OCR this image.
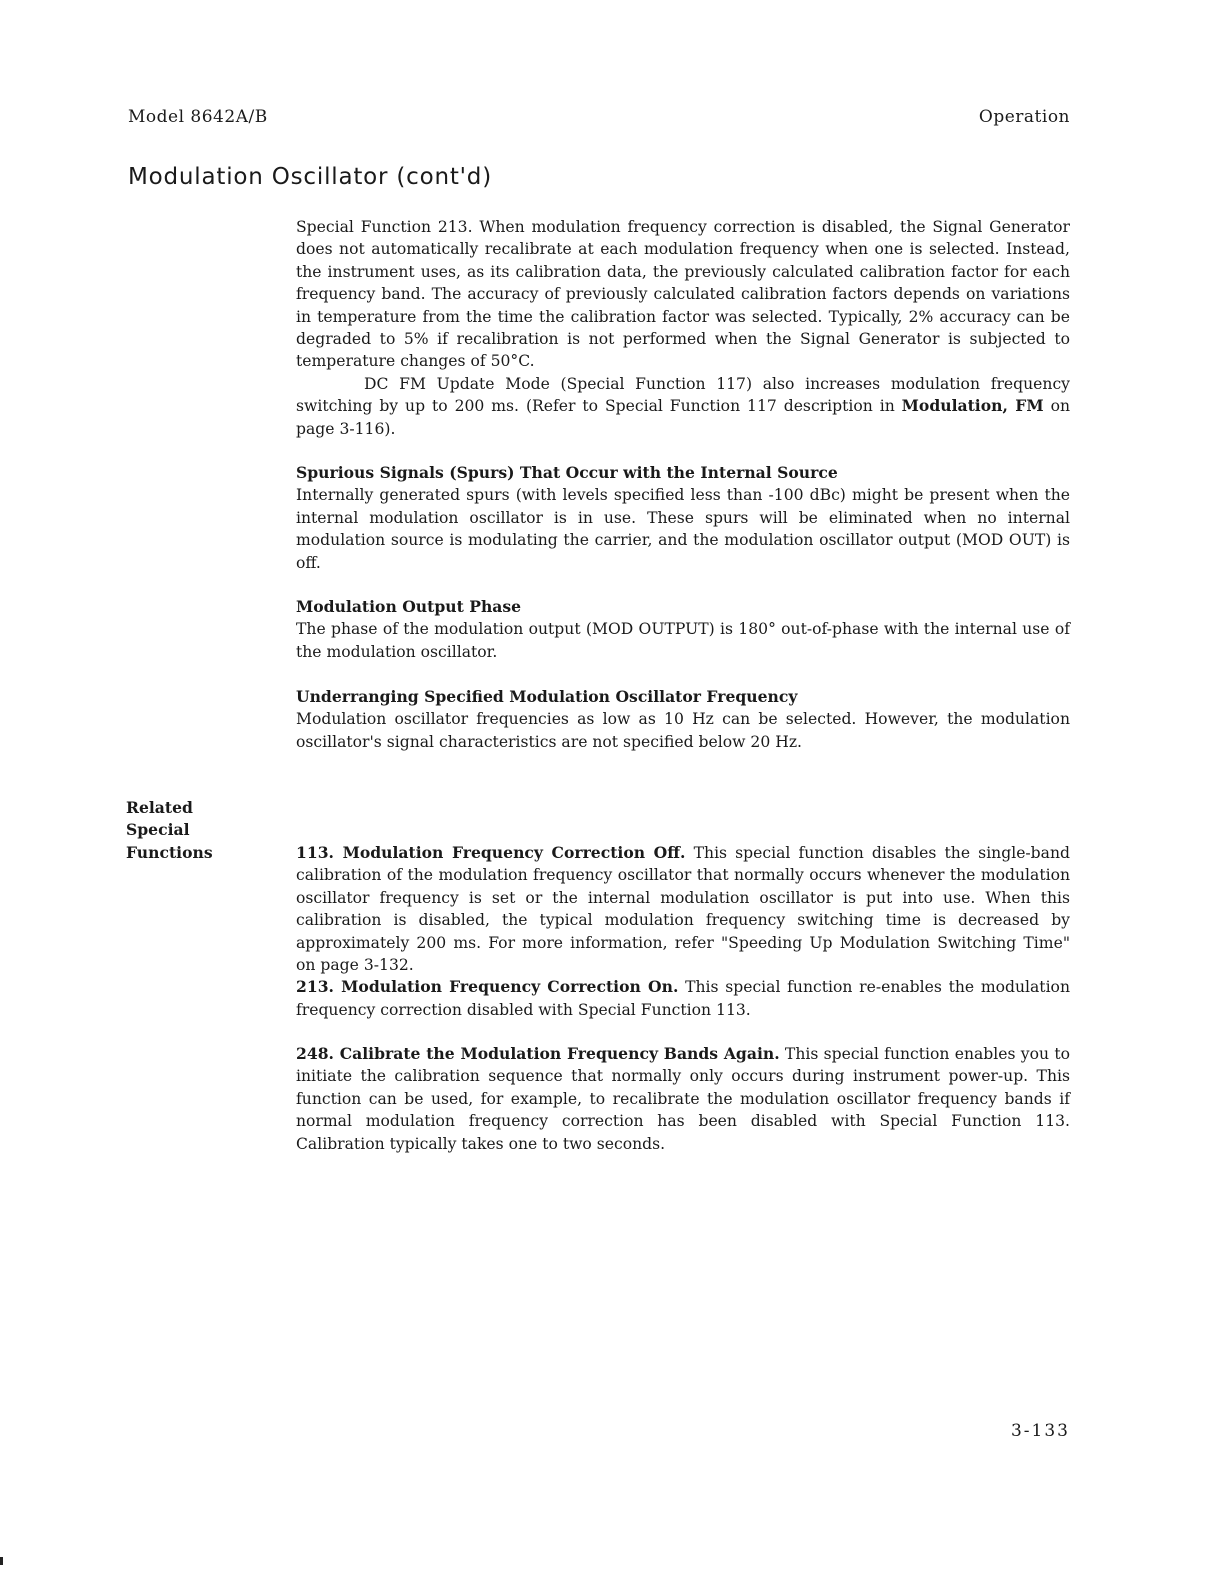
Model 8642A/B	Operation
Modulation Oscillator (cont'd)

Special Function 213. When modulation frequency correction is disabled, the Signal Generator does not automatically recalibrate at each modulation frequency when one is selected. Instead, the instrument uses, as its calibration data, the previously calculated calibration factor for each frequency band. The accuracy of previously calculated calibration factors depends on variations in temperature from the time the calibration factor was selected. Typically, 2% accuracy can be degraded to 5% if recalibration is not performed when the Signal Generator is subjected to temperature changes of 50°C.

DC FM Update Mode (Special Function 117) also increases modulation frequency switching by up to 200 ms. (Refer to Special Function 117 description in Modulation, FM on page 3-116).

Spurious Signals (Spurs) That Occur with the Internal Source

Internally generated spurs (with levels specified less than -100 dBc) might be present when the internal modulation oscillator is in use. These spurs will be eliminated when no internal modulation source is modulating the carrier, and the modulation oscillator output (MOD OUT) is off.

Modulation Output Phase

The phase of the modulation output (MOD OUTPUT) is 180° out-of-phase with the internal use of the modulation oscillator.

Underranging Specified Modulation Oscillator Frequency

Modulation oscillator frequencies as low as 10 Hz can be selected. However, the modulation oscillator's signal characteristics are not specified below 20 Hz.

Related
Special
Functions	113. Modulation Frequency Correction Off. This special function disables the single-band calibration of the modulation frequency oscillator that normally occurs whenever the modulation oscillator frequency is set or the internal modulation oscillator is put into use. When this calibration is disabled, the typical modulation frequency switching time is decreased by approximately 200 ms. For more information, refer "Speeding Up Modulation Switching Time" on page 3-132.

213. Modulation Frequency Correction On. This special function re-enables the modulation frequency correction disabled with Special Function 113.

248. Calibrate the Modulation Frequency Bands Again. This special function enables you to initiate the calibration sequence that normally only occurs during instrument power-up. This function can be used, for example, to recalibrate the modulation oscillator frequency bands if normal modulation frequency correction has been disabled with Special Function 113. Calibration typically takes one to two seconds.

3-133
